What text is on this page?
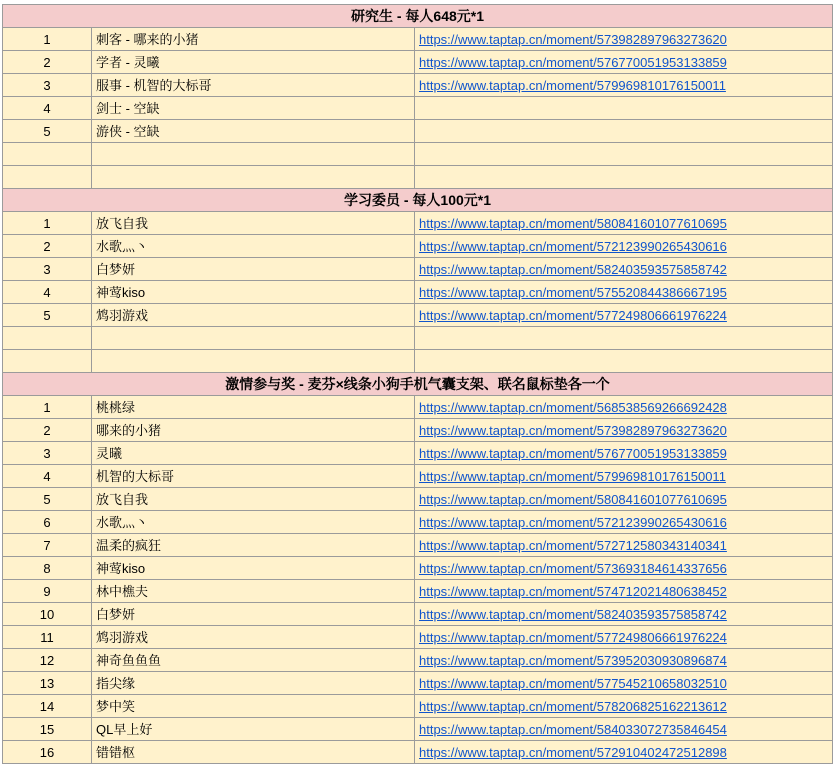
研究生 - 每人648元*1		
1	刺客 - 哪来的小猪	https://www.taptap.cn/moment/573982897963273620
2	学者 - 灵曦	https://www.taptap.cn/moment/576770051953133859
3	服事 - 机智的大标哥	https://www.taptap.cn/moment/579969810176150011
4	剑士 - 空缺	
5	游侠 - 空缺	

学习委员 - 每人100元*1		
1	放飞自我	https://www.taptap.cn/moment/580841601077610695
2	水歌灬丶	https://www.taptap.cn/moment/572123990265430616
3	白梦妍	https://www.taptap.cn/moment/582403593575858742
4	神莺kiso	https://www.taptap.cn/moment/575520844386667195
5	鸩羽游戏	https://www.taptap.cn/moment/577249806661976224

激情参与奖 - 麦芬×线条小狗手机气囊支架、联名鼠标垫各一个		
1	桃桃绿	https://www.taptap.cn/moment/568538569266692428
2	哪来的小猪	https://www.taptap.cn/moment/573982897963273620
3	灵曦	https://www.taptap.cn/moment/576770051953133859
4	机智的大标哥	https://www.taptap.cn/moment/579969810176150011
5	放飞自我	https://www.taptap.cn/moment/580841601077610695
6	水歌灬丶	https://www.taptap.cn/moment/572123990265430616
7	温柔的疯狂	https://www.taptap.cn/moment/572712580343140341
8	神莺kiso	https://www.taptap.cn/moment/573693184614337656
9	林中樵夫	https://www.taptap.cn/moment/574712021480638452
10	白梦妍	https://www.taptap.cn/moment/582403593575858742
11	鸩羽游戏	https://www.taptap.cn/moment/577249806661976224
12	神奇鱼鱼鱼	https://www.taptap.cn/moment/573952030930896874
13	指尖缘	https://www.taptap.cn/moment/577545210658032510
14	梦中笑	https://www.taptap.cn/moment/578206825162213612
15	QL早上好	https://www.taptap.cn/moment/584033072735846454
16	错错枢	https://www.taptap.cn/moment/572910402472512898
